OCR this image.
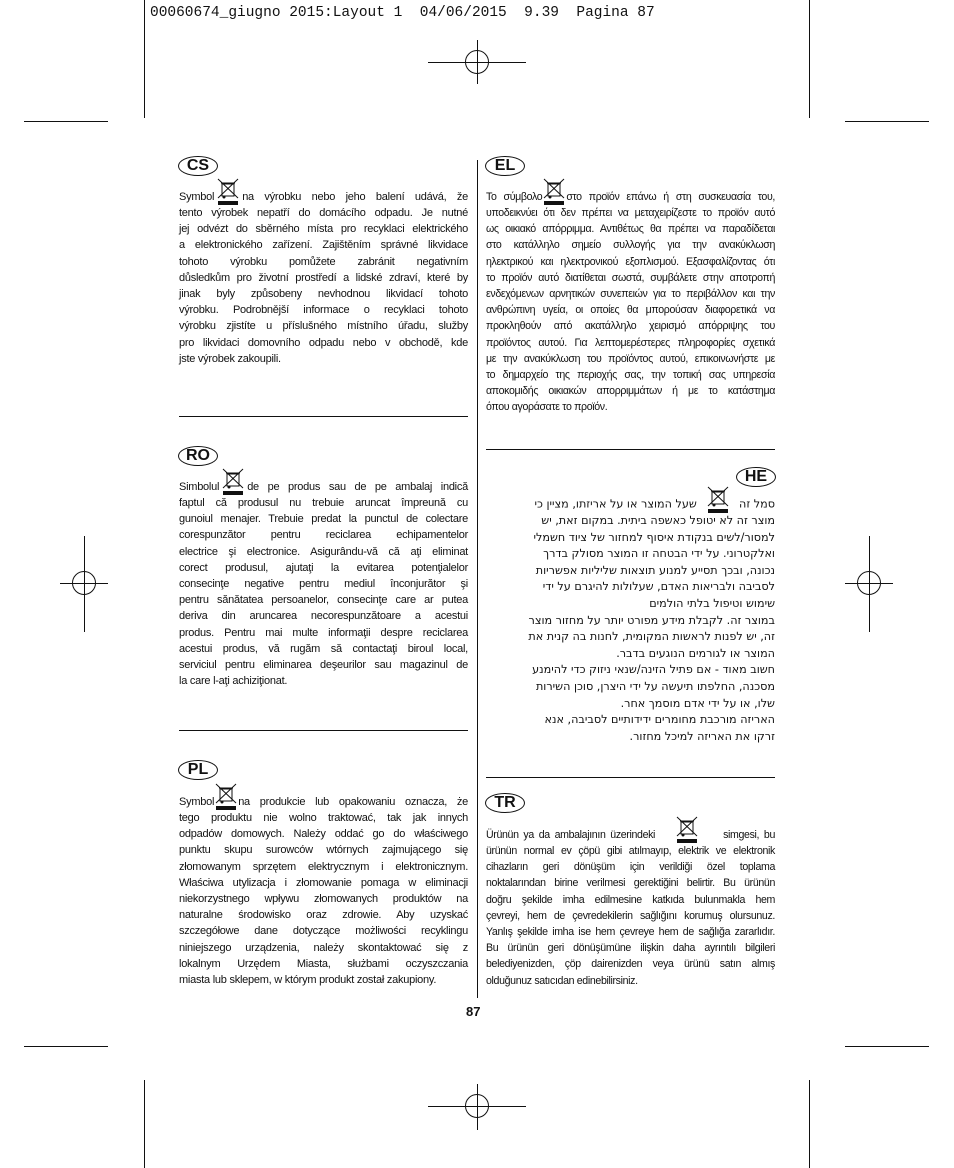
00060674_giugno 2015:Layout 1  04/06/2015  9.39  Pagina 87
CS

Symbol	na výrobku nebo jeho balení udává, že
tento výrobek nepatří do domácího odpadu. Je nutné
jej odvézt do sběrného místa pro recyklaci elektrického
a elektronického zařízení. Zajištěním správné likvidace
tohoto výrobku pomůžete zabránit negativním
důsledkům pro životní prostředí a lidské zdraví, které by
jinak byly způsobeny nevhodnou likvidací tohoto
výrobku. Podrobnější informace o recyklaci tohoto
výrobku zjistíte u příslušného místního úřadu, služby
pro likvidaci domovního odpadu nebo v obchodě, kde
jste výrobek zakoupili.

RO

Simbolul	de pe produs sau de pe ambalaj indică
faptul că produsul nu trebuie aruncat împreună cu
gunoiul menajer. Trebuie predat la punctul de colectare
corespunzător pentru reciclarea echipamentelor
electrice şi electronice. Asigurându-vă că aţi eliminat
corect produsul, ajutaţi la evitarea potenţialelor
consecinţe negative pentru mediul înconjurător şi
pentru sănătatea persoanelor, consecinţe care ar putea
deriva din aruncarea necorespunzătoare a acestui
produs. Pentru mai multe informaţii despre reciclarea
acestui produs, vă rugăm să contactaţi biroul local,
serviciul pentru eliminarea deşeurilor sau magazinul de
la care l-aţi achiziţionat.

PL

Symbol na produkcie lub opakowaniu oznacza, że
tego produktu nie wolno traktować, tak jak innych
odpadów domowych. Należy oddać go do właściwego
punktu skupu surowców wtórnych zajmującego się
złomowanym sprzętem elektrycznym i elektronicznym.
Właściwa utylizacja i złomowanie pomaga w eliminacji
niekorzystnego wpływu złomowanych produktów na
naturalne środowisko oraz zdrowie. Aby uzyskać
szczegółowe dane dotyczące możliwości recyklingu
niniejszego urządzenia, należy skontaktować się z
lokalnym Urzędem Miasta, służbami oczyszczania
miasta lub sklepem, w którym produkt został zakupiony.

EL

Το σύμβολο στο προϊόν επάνω ή στη συσκευασία του,
υποδεικνύει ότι δεν πρέπει να μεταχειρίζεστε το προϊόν αυτό
ως οικιακό απόρριμμα. Αντιθέτως θα πρέπει να παραδίδεται
στο κατάλληλο σημείο συλλογής για την ανακύκλωση
ηλεκτρικού και ηλεκτρονικού εξοπλισμού. Εξασφαλίζοντας ότι
το προϊόν αυτό διατίθεται σωστά, συμβάλετε στην αποτροπή
ενδεχόμενων αρνητικών συνεπειών για το περιβάλλον και την
ανθρώπινη υγεία, οι οποίες θα μπορούσαν διαφορετικά να
προκληθούν από ακατάλληλο χειρισμό απόρριψης του
προϊόντος αυτού. Για λεπτομερέστερες πληροφορίες σχετικά
με την ανακύκλωση του προϊόντος αυτού, επικοινωνήστε με
το δημαρχείο της περιοχής σας, την τοπική σας υπηρεσία
αποκομιδής οικιακών απορριμμάτων ή με το κατάστημα
όπου αγοράσατε το προϊόν.

HE

סמל זה
שעל המוצר או על אריזתו, מציין כי
מוצר זה לא יטופל כאשפה ביתית. במקום זאת, יש
למסור/לשים בנקודת איסוף למחזור של ציוד חשמלי
ואלקטרוני. על ידי הבטחה זו המוצר מסולק בדרך
נכונה, ובכך תסייע למנוע תוצאות שליליות אפשריות
לסביבה ולבריאות האדם, שעלולות להיגרם על ידי
שימוש וטיפול בלתי הולמים
במוצר זה. לקבלת מידע מפורט יותר על מחזור מוצר
זה, יש לפנות לראשות המקומית, לחנות בה קנית את
המוצר או לגורמים הנוגעים בדבר.
חשוב מאוד - אם פתיל הזינה/שנאי ניזוק כדי להימנע
מסכנה, החלפתו תיעשה על ידי היצרן, סוכן השירות
שלו, או על ידי אדם מוסמך אחר.
האריזה מורכבת מחומרים ידידותיים לסביבה, אנא
זרקו את האריזה למיכל מחזור.

TR

Ürünün ya da ambalajının üzerindeki	simgesi, bu
ürünün normal ev çöpü gibi atılmayıp, elektrik ve elektronik
cihazların geri dönüşüm için verildiği özel toplama
noktalarından birine verilmesi gerektiğini belirtir. Bu ürünün
doğru şekilde imha edilmesine katkıda bulunmakla hem
çevreyi, hem de çevredekilerin sağlığını korumuş olursunuz.
Yanlış şekilde imha ise hem çevreye hem de sağlığa zararlıdır.
Bu ürünün geri dönüşümüne ilişkin daha ayrıntılı bilgileri
belediyenizden, çöp dairenizden veya ürünü satın almış
olduğunuz satıcıdan edinebilirsiniz.

87
